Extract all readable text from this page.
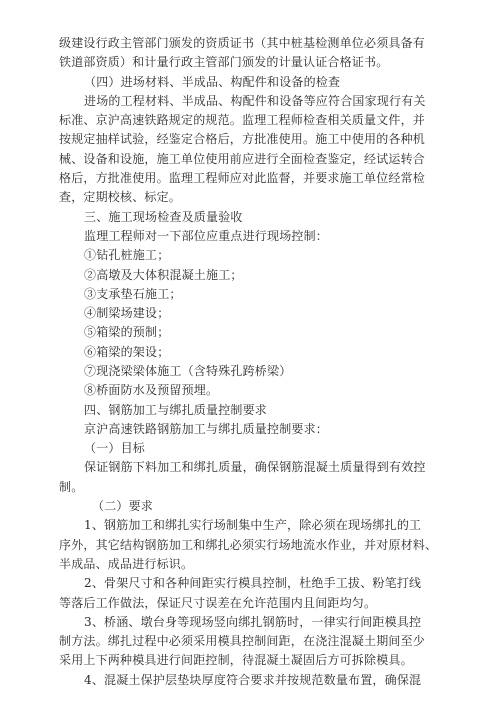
级建设行政主管部门颁发的资质证书（其中桩基检测单位必须具备有
铁道部资质）和计量行政主管部门颁发的计量认证合格证书。
（四）进场材料、半成品、构配件和设备的检查
进场的工程材料、半成品、构配件和设备等应符合国家现行有关
标准、京沪高速铁路规定的规范。监理工程师检查相关质量文件，并
按规定抽样试验，经鉴定合格后，方批准使用。施工中使用的各种机
械、设备和设施，施工单位使用前应进行全面检查鉴定，经试运转合
格后，方批准使用。监理工程师应对此监督，并要求施工单位经常检
查，定期校核、标定。
三、施工现场检查及质量验收
监理工程师对一下部位应重点进行现场控制：
①钻孔桩施工；
②高墩及大体积混凝土施工；
③支承垫石施工；
④制梁场建设；
⑤箱梁的预制；
⑥箱梁的架设；
⑦现浇梁梁体施工（含特殊孔跨桥梁）
⑧桥面防水及预留预埋。
四、钢筋加工与绑扎质量控制要求
京沪高速铁路钢筋加工与绑扎质量控制要求：
（一）目标
保证钢筋下料加工和绑扎质量，确保钢筋混凝土质量得到有效控
制。
（二）要求
1、钢筋加工和绑扎实行场制集中生产，除必须在现场绑扎的工
序外，其它结构钢筋加工和绑扎必须实行场地流水作业，并对原材料、
半成品、成品进行标识。
2、骨架尺寸和各种间距实行模具控制，杜绝手工拔、粉笔打线
等落后工作做法，保证尺寸误差在允许范围内且间距均匀。
3、桥涵、墩台身等现场竖向绑扎钢筋时，一律实行间距模具控
制方法。绑扎过程中必须采用模具控制间距，在浇注混凝土期间至少
采用上下两种模具进行间距控制，待混凝土凝固后方可拆除模具。
4、混凝土保护层垫块厚度符合要求并按规范数量布置，确保混
